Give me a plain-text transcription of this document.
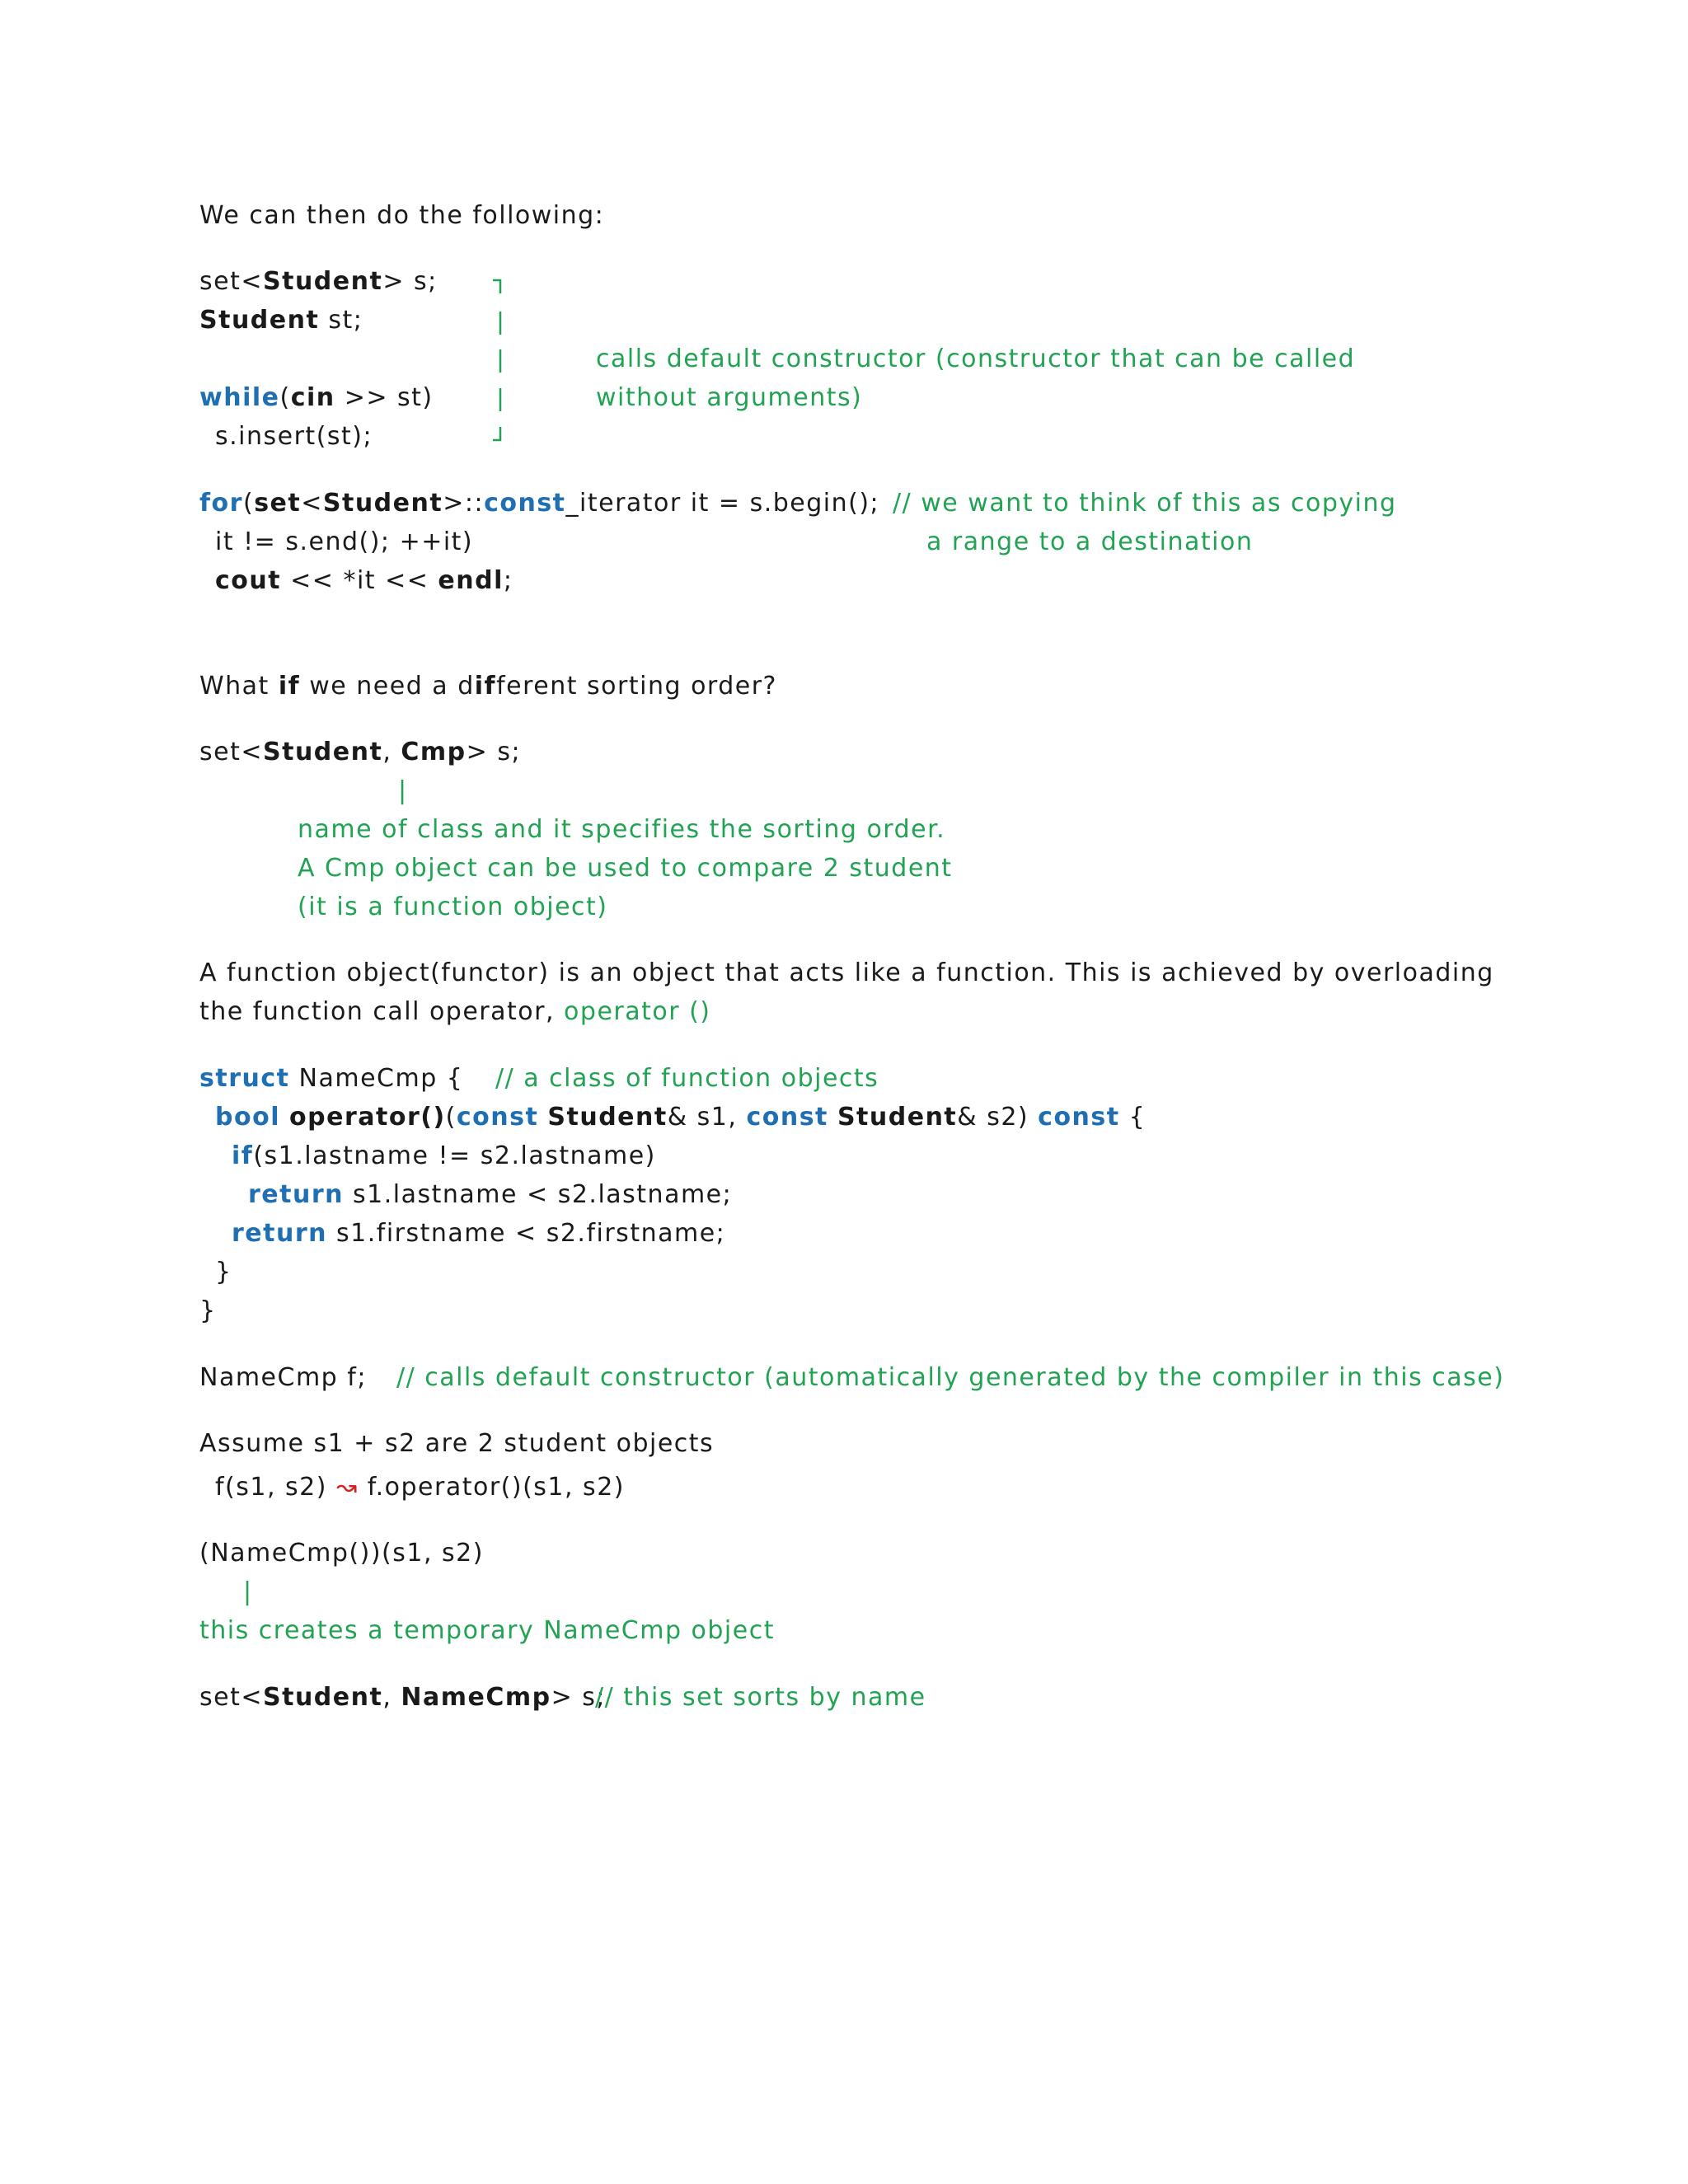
We can then do the following:
set<Student> s;
Student st;
while(cin >> st)
s.insert(st);
calls default constructor (constructor that can be called
without arguments)
for(set<Student>::const_iterator it = s.begin();
it != s.end(); ++it)
cout << *it << endl;
// we want to think of this as copying
a range to a destination
What if we need a different sorting order?
set<Student, Cmp> s;
|
name of class and it specifies the sorting order.
A Cmp object can be used to compare 2 student
(it is a function object)
A function object(functor) is an object that acts like a function. This is achieved by overloading
the function call operator, operator ()
struct NameCmp { // a class of function objects
bool operator()(const Student& s1, const Student& s2) const {
if(s1.lastname != s2.lastname)
return s1.lastname < s2.lastname;
return s1.firstname < s2.firstname;
}
}
NameCmp f; // calls default constructor (automatically generated by the compiler in this case)
Assume s1 + s2 are 2 student objects
f(s1, s2) ↝ f.operator()(s1, s2)
(NameCmp())(s1, s2)
|
this creates a temporary NameCmp object
set<Student, NameCmp> s;
// this set sorts by name
